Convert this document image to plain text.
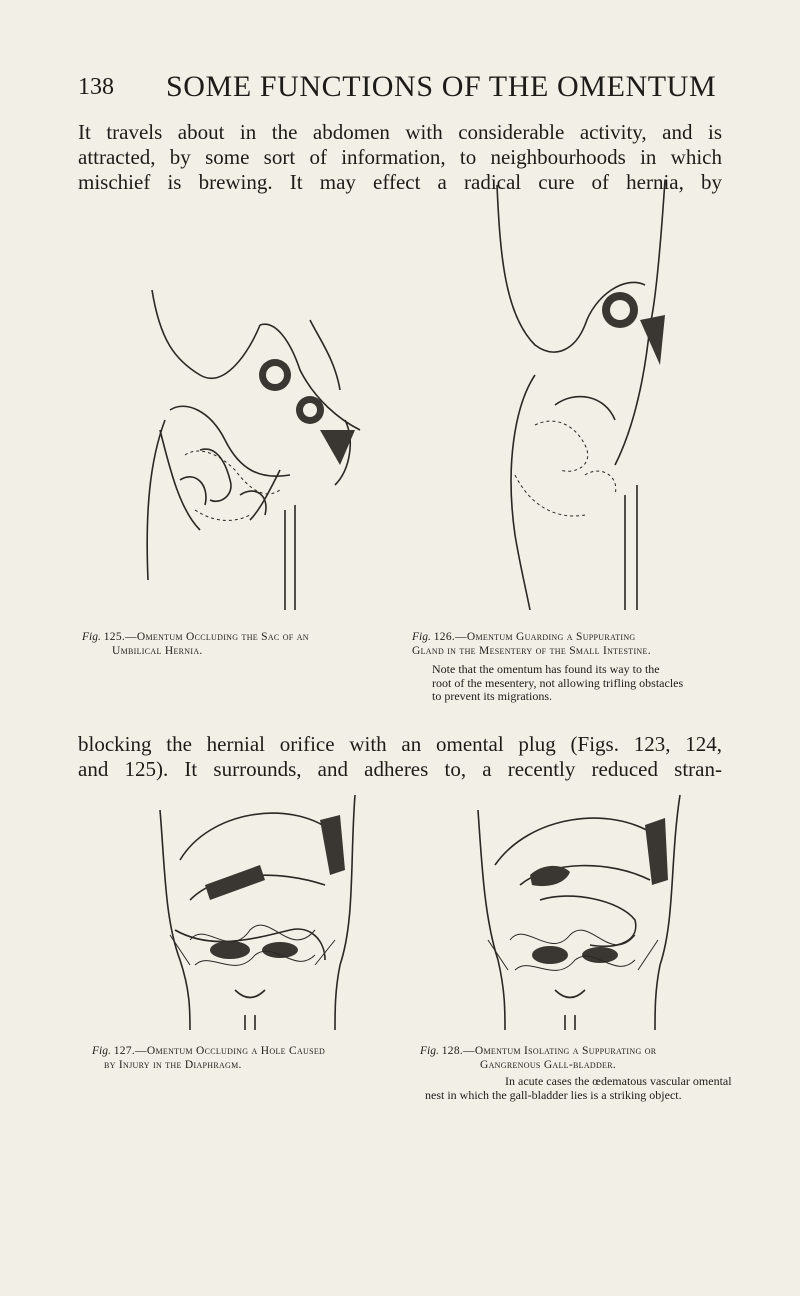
138 SOME FUNCTIONS OF THE OMENTUM

It travels about in the abdomen with considerable activity, and is
attracted, by some sort of information, to neighbourhoods in which
mischief is brewing. It may effect a radical cure of hernia, by

Fig. 125.—Omentum Occluding the Sac of an
Umbilical Hernia.
Fig. 126.—Omentum Guarding a Suppurating
Gland in the Mesentery of the Small Intestine.
Note that the omentum has found its way to the
root of the mesentery, not allowing trifling obstacles
to prevent its migrations.

blocking the hernial orifice with an omental plug (Figs. 123, 124,
and 125). It surrounds, and adheres to, a recently reduced stran-

Fig. 127.—Omentum Occluding a Hole Caused
by Injury in the Diaphragm.
Fig. 128.—Omentum Isolating a Suppurating or
Gangrenous Gall-bladder.
In acute cases the œdematous vascular omental
nest in which the gall-bladder lies is a striking object.
